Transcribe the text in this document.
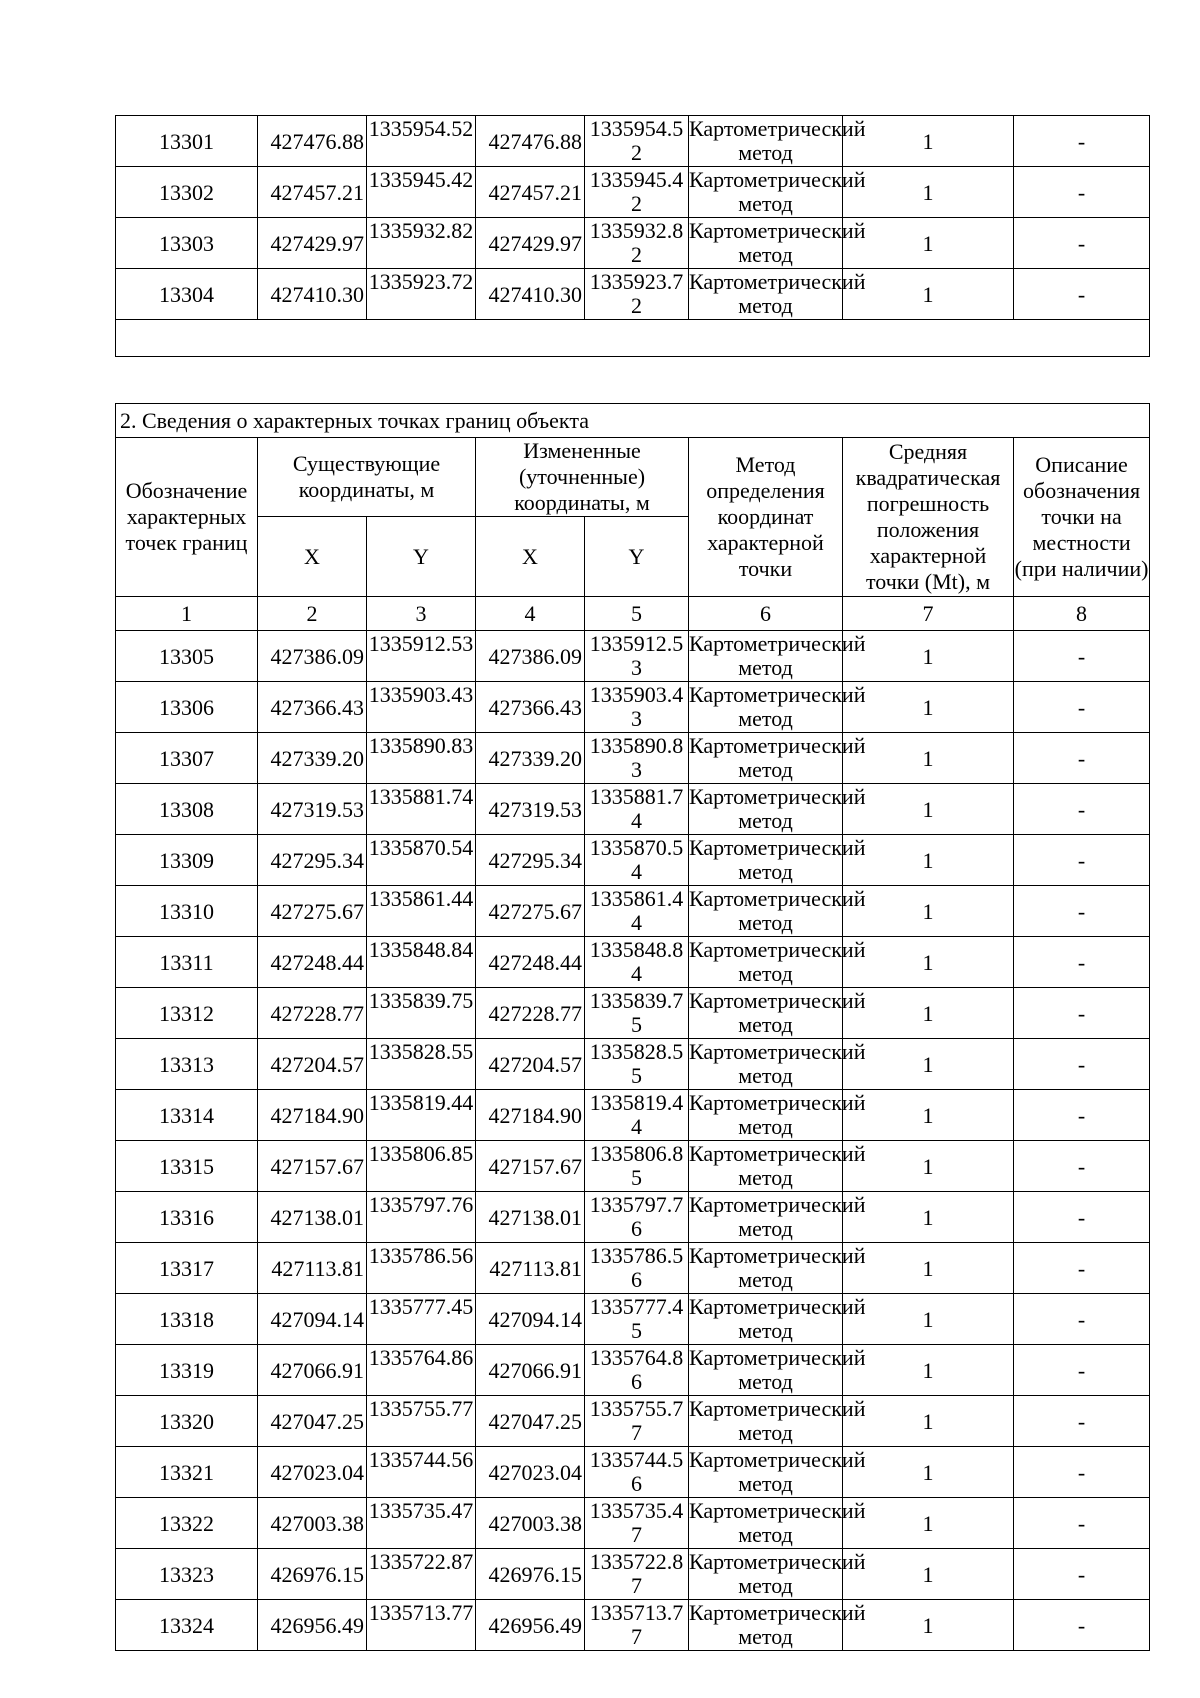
13301	427476.88	1335954.52	427476.88	1335954.52	Картометрический метод	1	-
13302	427457.21	1335945.42	427457.21	1335945.42	Картометрический метод	1	-
13303	427429.97	1335932.82	427429.97	1335932.82	Картометрический метод	1	-
13304	427410.30	1335923.72	427410.30	1335923.72	Картометрический метод	1	-

2. Сведения о характерных точках границ объекта							
Обозначение характерных точек границ	Существующие координаты, м		Измененные (уточненные) координаты, м		Метод определения координат характерной точки	Средняя квадратическая погрешность положения характерной точки (Mt), м	Описание обозначения точки на местности (при наличии)
	X	Y	X	Y			
1	2	3	4	5	6	7	8
13305	427386.09	1335912.53	427386.09	1335912.53	Картометрический метод	1	-
13306	427366.43	1335903.43	427366.43	1335903.43	Картометрический метод	1	-
13307	427339.20	1335890.83	427339.20	1335890.83	Картометрический метод	1	-
13308	427319.53	1335881.74	427319.53	1335881.74	Картометрический метод	1	-
13309	427295.34	1335870.54	427295.34	1335870.54	Картометрический метод	1	-
13310	427275.67	1335861.44	427275.67	1335861.44	Картометрический метод	1	-
13311	427248.44	1335848.84	427248.44	1335848.84	Картометрический метод	1	-
13312	427228.77	1335839.75	427228.77	1335839.75	Картометрический метод	1	-
13313	427204.57	1335828.55	427204.57	1335828.55	Картометрический метод	1	-
13314	427184.90	1335819.44	427184.90	1335819.44	Картометрический метод	1	-
13315	427157.67	1335806.85	427157.67	1335806.85	Картометрический метод	1	-
13316	427138.01	1335797.76	427138.01	1335797.76	Картометрический метод	1	-
13317	427113.81	1335786.56	427113.81	1335786.56	Картометрический метод	1	-
13318	427094.14	1335777.45	427094.14	1335777.45	Картометрический метод	1	-
13319	427066.91	1335764.86	427066.91	1335764.86	Картометрический метод	1	-
13320	427047.25	1335755.77	427047.25	1335755.77	Картометрический метод	1	-
13321	427023.04	1335744.56	427023.04	1335744.56	Картометрический метод	1	-
13322	427003.38	1335735.47	427003.38	1335735.47	Картометрический метод	1	-
13323	426976.15	1335722.87	426976.15	1335722.87	Картометрический метод	1	-
13324	426956.49	1335713.77	426956.49	1335713.77	Картометрический метод	1	-
